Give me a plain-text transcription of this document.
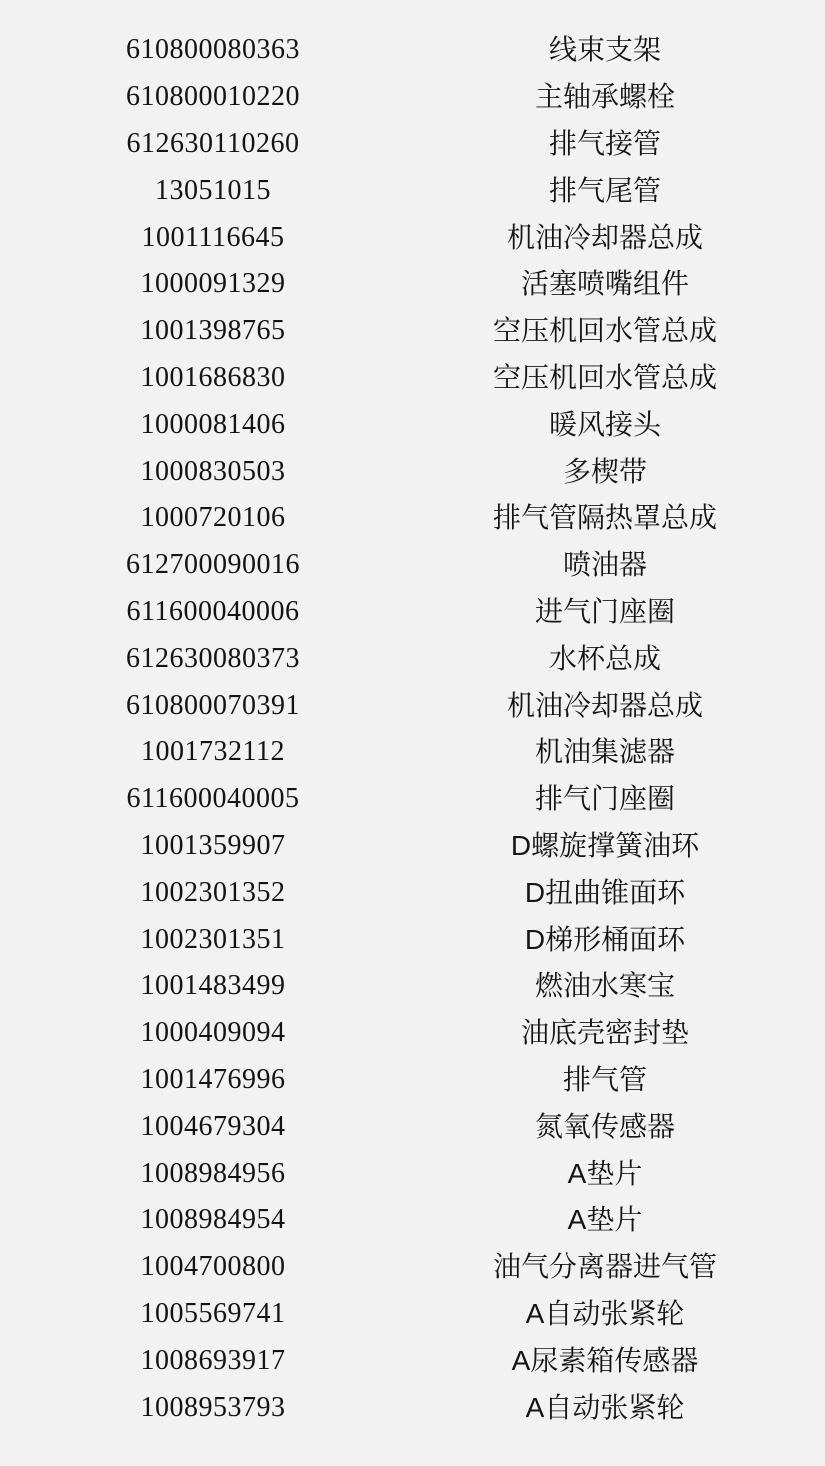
610800080363	线束支架
610800010220	主轴承螺栓
612630110260	排气接管
13051015	排气尾管
1001116645	机油冷却器总成
1000091329	活塞喷嘴组件
1001398765	空压机回水管总成
1001686830	空压机回水管总成
1000081406	暖风接头
1000830503	多楔带
1000720106	排气管隔热罩总成
612700090016	喷油器
611600040006	进气门座圈
612630080373	水杯总成
610800070391	机油冷却器总成
1001732112	机油集滤器
611600040005	排气门座圈
1001359907	D螺旋撑簧油环
1002301352	D扭曲锥面环
1002301351	D梯形桶面环
1001483499	燃油水寒宝
1000409094	油底壳密封垫
1001476996	排气管
1004679304	氮氧传感器
1008984956	A垫片
1008984954	A垫片
1004700800	油气分离器进气管
1005569741	A自动张紧轮
1008693917	A尿素箱传感器
1008953793	A自动张紧轮
